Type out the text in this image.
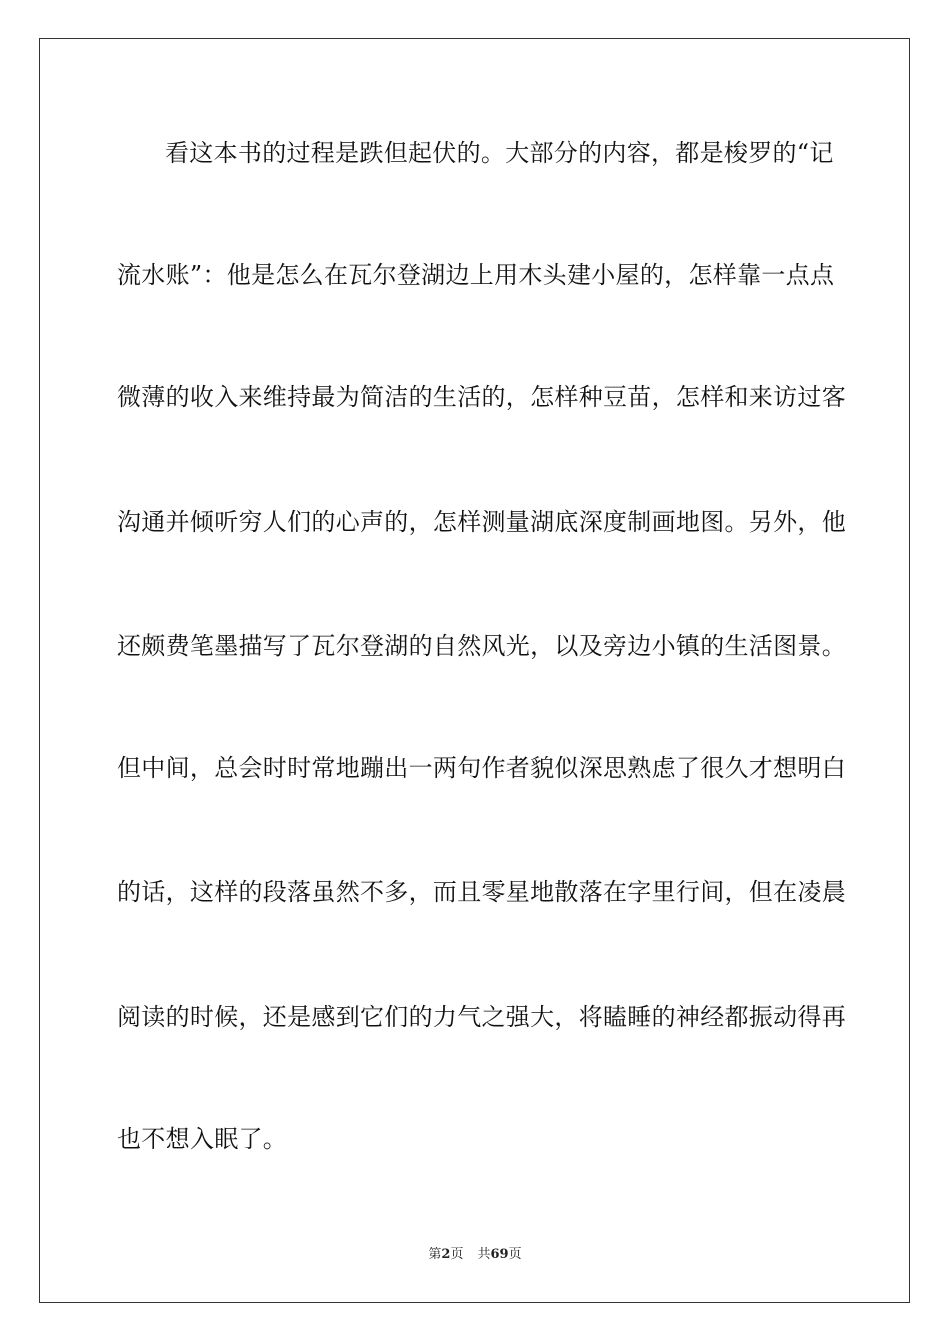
看这本书的过程是跌但起伏的。大部分的内容，都是梭罗的“记
流水账”：他是怎么在瓦尔登湖边上用木头建小屋的，怎样靠一点点
微薄的收入来维持最为简洁的生活的，怎样种豆苗，怎样和来访过客
沟通并倾听穷人们的心声的，怎样测量湖底深度制画地图。另外，他
还颇费笔墨描写了瓦尔登湖的自然风光，以及旁边小镇的生活图景。
但中间，总会时时常地蹦出一两句作者貌似深思熟虑了很久才想明白
的话，这样的段落虽然不多，而且零星地散落在字里行间，但在凌晨
阅读的时候，还是感到它们的力气之强大，将瞌睡的神经都振动得再
也不想入眠了。
第2页 共69页
